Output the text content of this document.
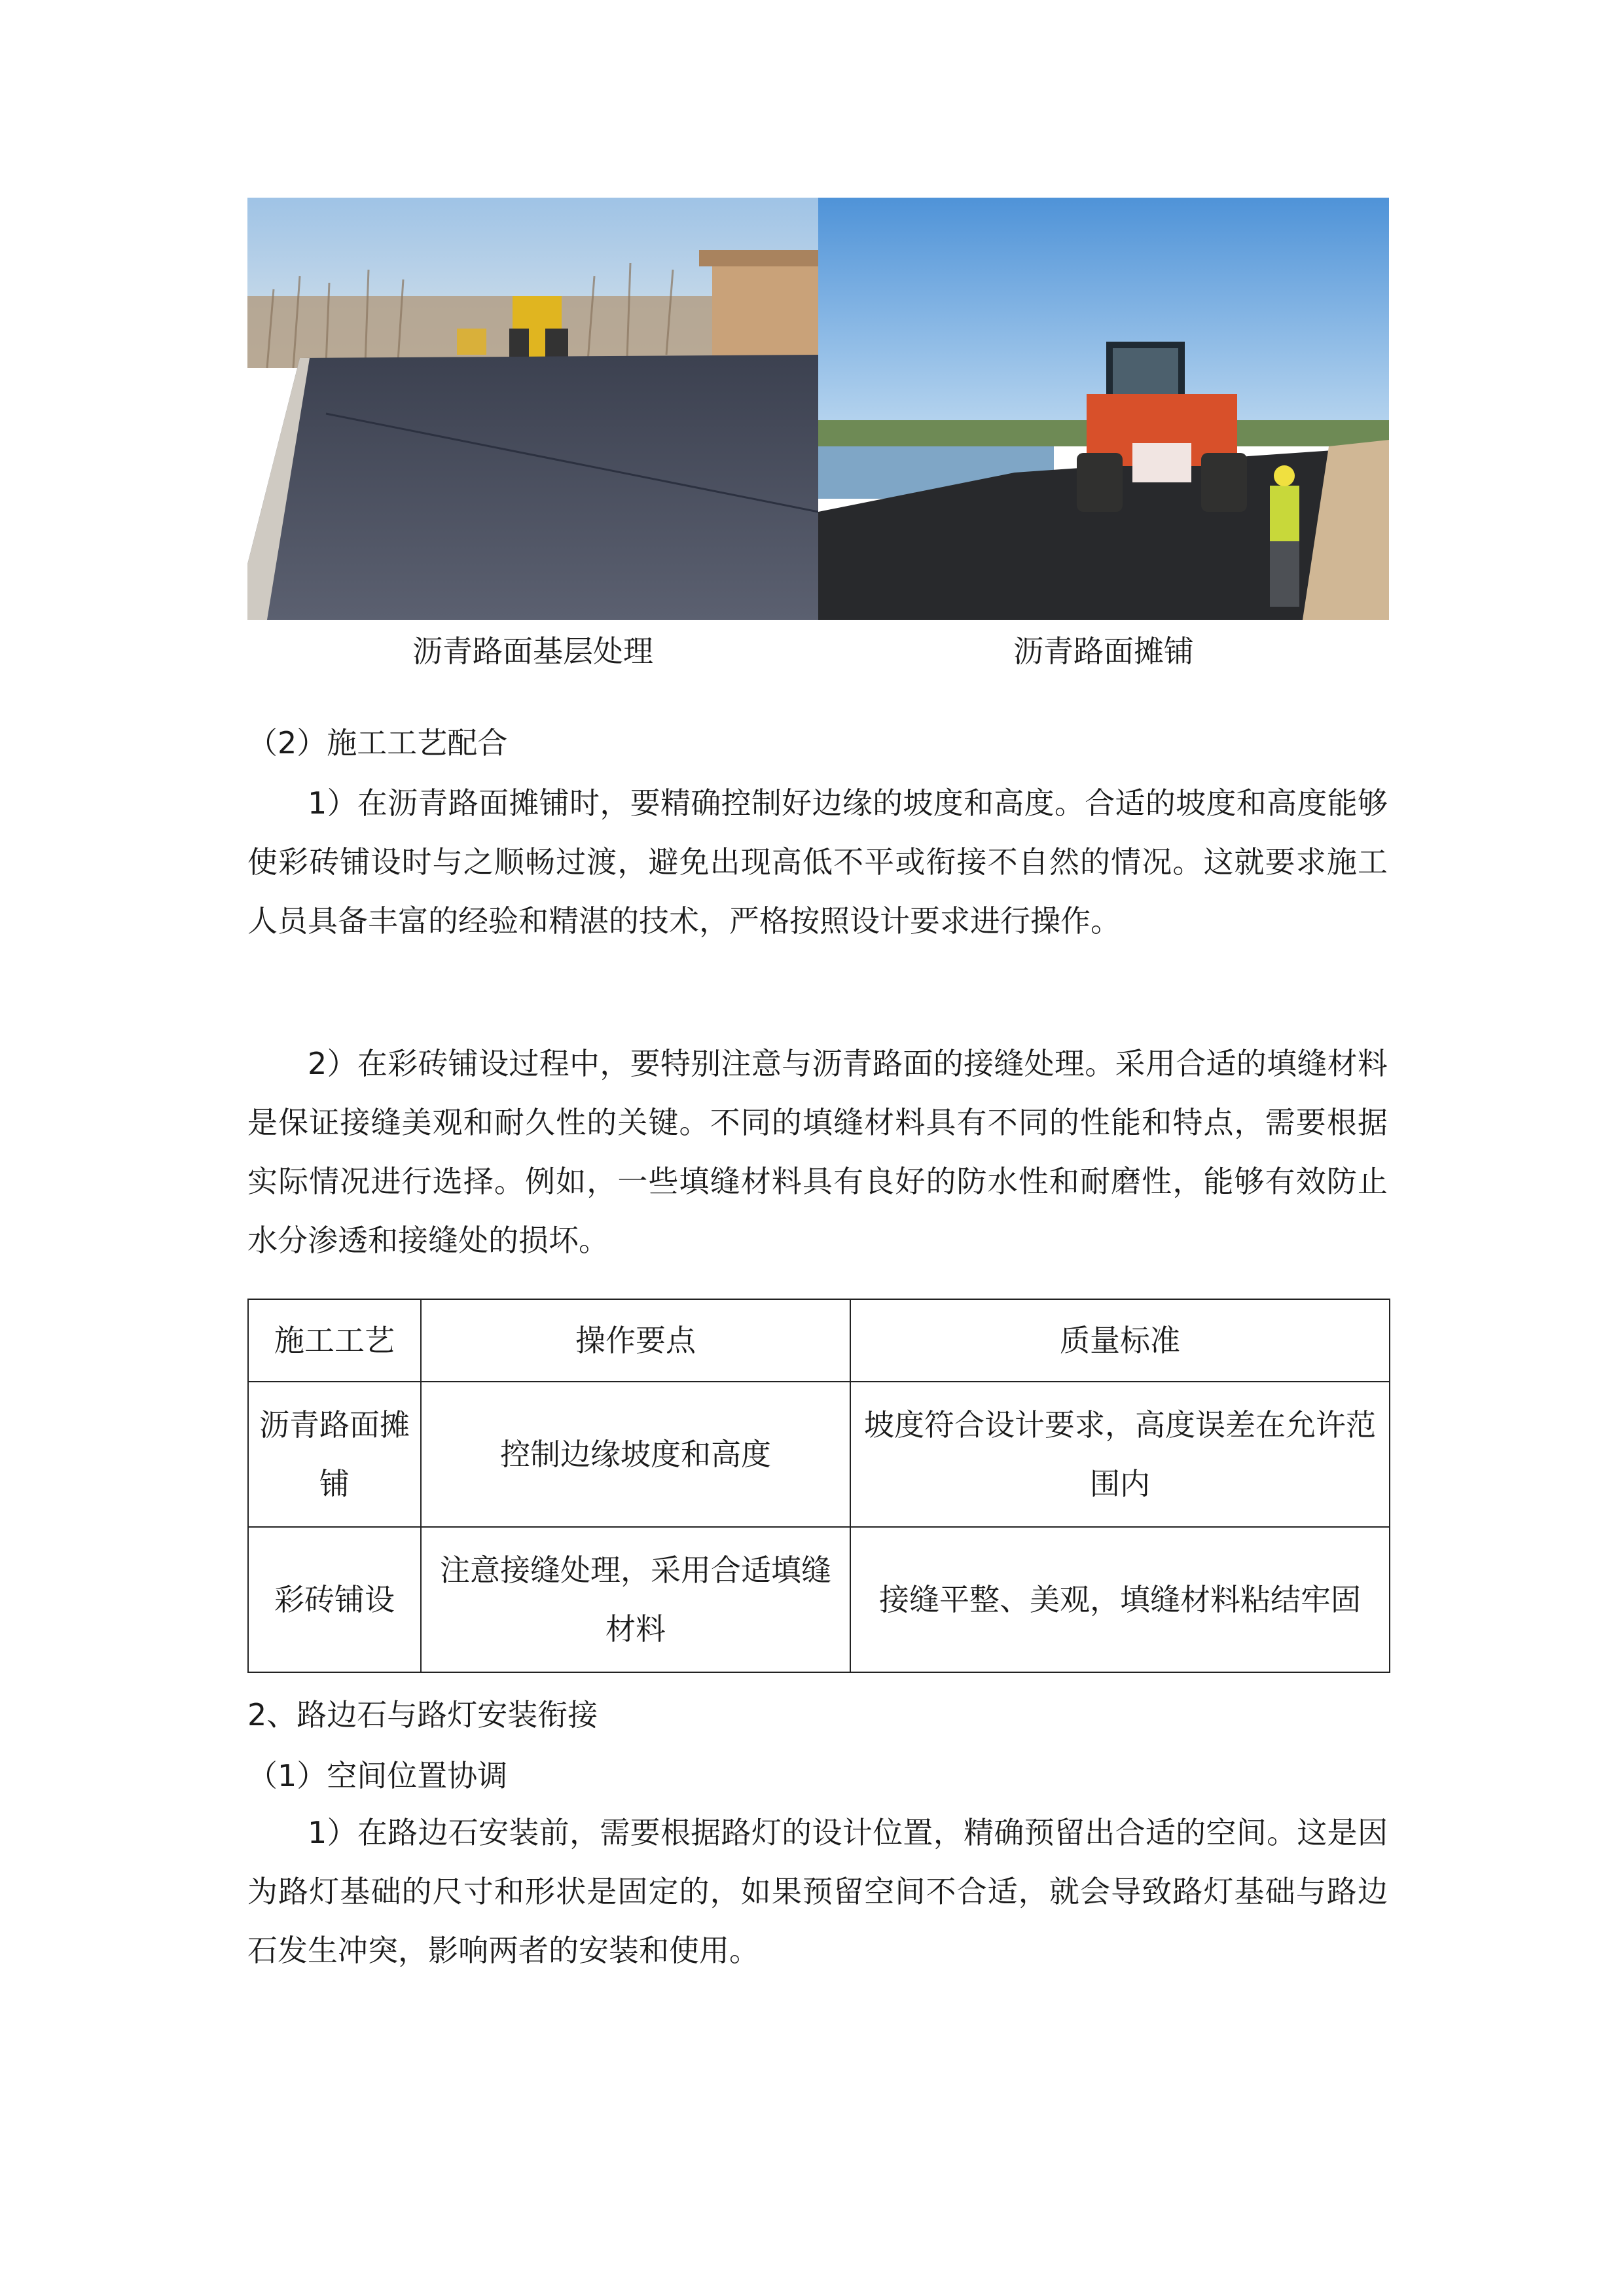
沥青路面基层处理	沥青路面摊铺
（2）施工工艺配合
1）在沥青路面摊铺时，要精确控制好边缘的坡度和高度。合适的坡度和高度能够使彩砖铺设时与之顺畅过渡，避免出现高低不平或衔接不自然的情况。这就要求施工人员具备丰富的经验和精湛的技术，严格按照设计要求进行操作。
2）在彩砖铺设过程中，要特别注意与沥青路面的接缝处理。采用合适的填缝材料是保证接缝美观和耐久性的关键。不同的填缝材料具有不同的性能和特点，需要根据实际情况进行选择。例如，一些填缝材料具有良好的防水性和耐磨性，能够有效防止水分渗透和接缝处的损坏。
施工工艺	操作要点	质量标准
沥青路面摊铺	控制边缘坡度和高度	坡度符合设计要求，高度误差在允许范围内
彩砖铺设	注意接缝处理，采用合适填缝材料	接缝平整、美观，填缝材料粘结牢固
2、路边石与路灯安装衔接
（1）空间位置协调
1）在路边石安装前，需要根据路灯的设计位置，精确预留出合适的空间。这是因为路灯基础的尺寸和形状是固定的，如果预留空间不合适，就会导致路灯基础与路边石发生冲突，影响两者的安装和使用。
